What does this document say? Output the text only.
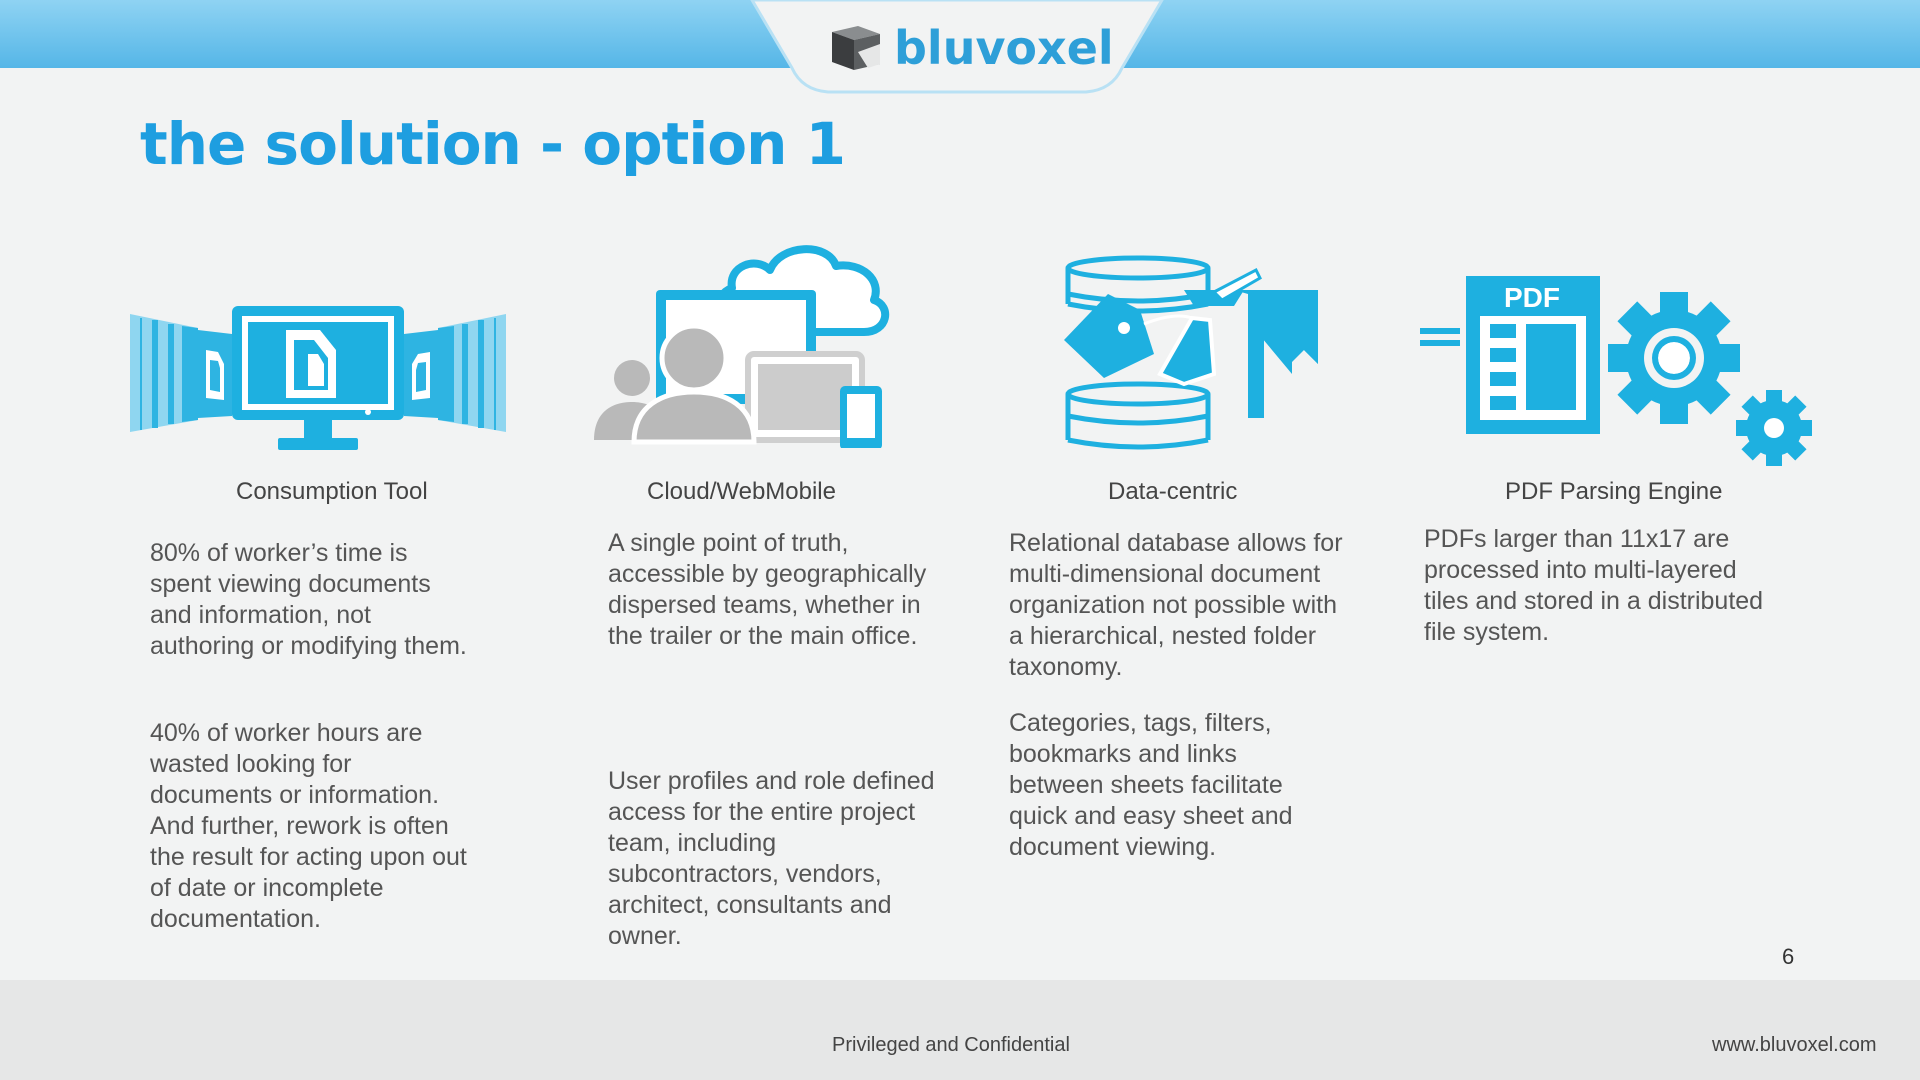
bluvoxel
the solution - option 1
Consumption Tool

80% of worker’s time is spent viewing documents and information, not authoring or modifying them.

40% of worker hours are wasted looking for documents or information. And further, rework is often the result for acting upon out of date or incomplete documentation.

Cloud/WebMobile

A single point of truth, accessible by geographically dispersed teams, whether in the trailer or the main office.

User profiles and role defined access for the entire project team, including subcontractors, vendors, architect, consultants and owner.

Data-centric

Relational database allows for multi-dimensional document organization not possible with a hierarchical, nested folder taxonomy.

Categories, tags, filters, bookmarks and links between sheets facilitate quick and easy sheet and document viewing.

PDF
PDF Parsing Engine

PDFs larger than 11x17 are processed into multi-layered tiles and stored in a distributed file system.

6
Privileged and Confidential	www.bluvoxel.com
